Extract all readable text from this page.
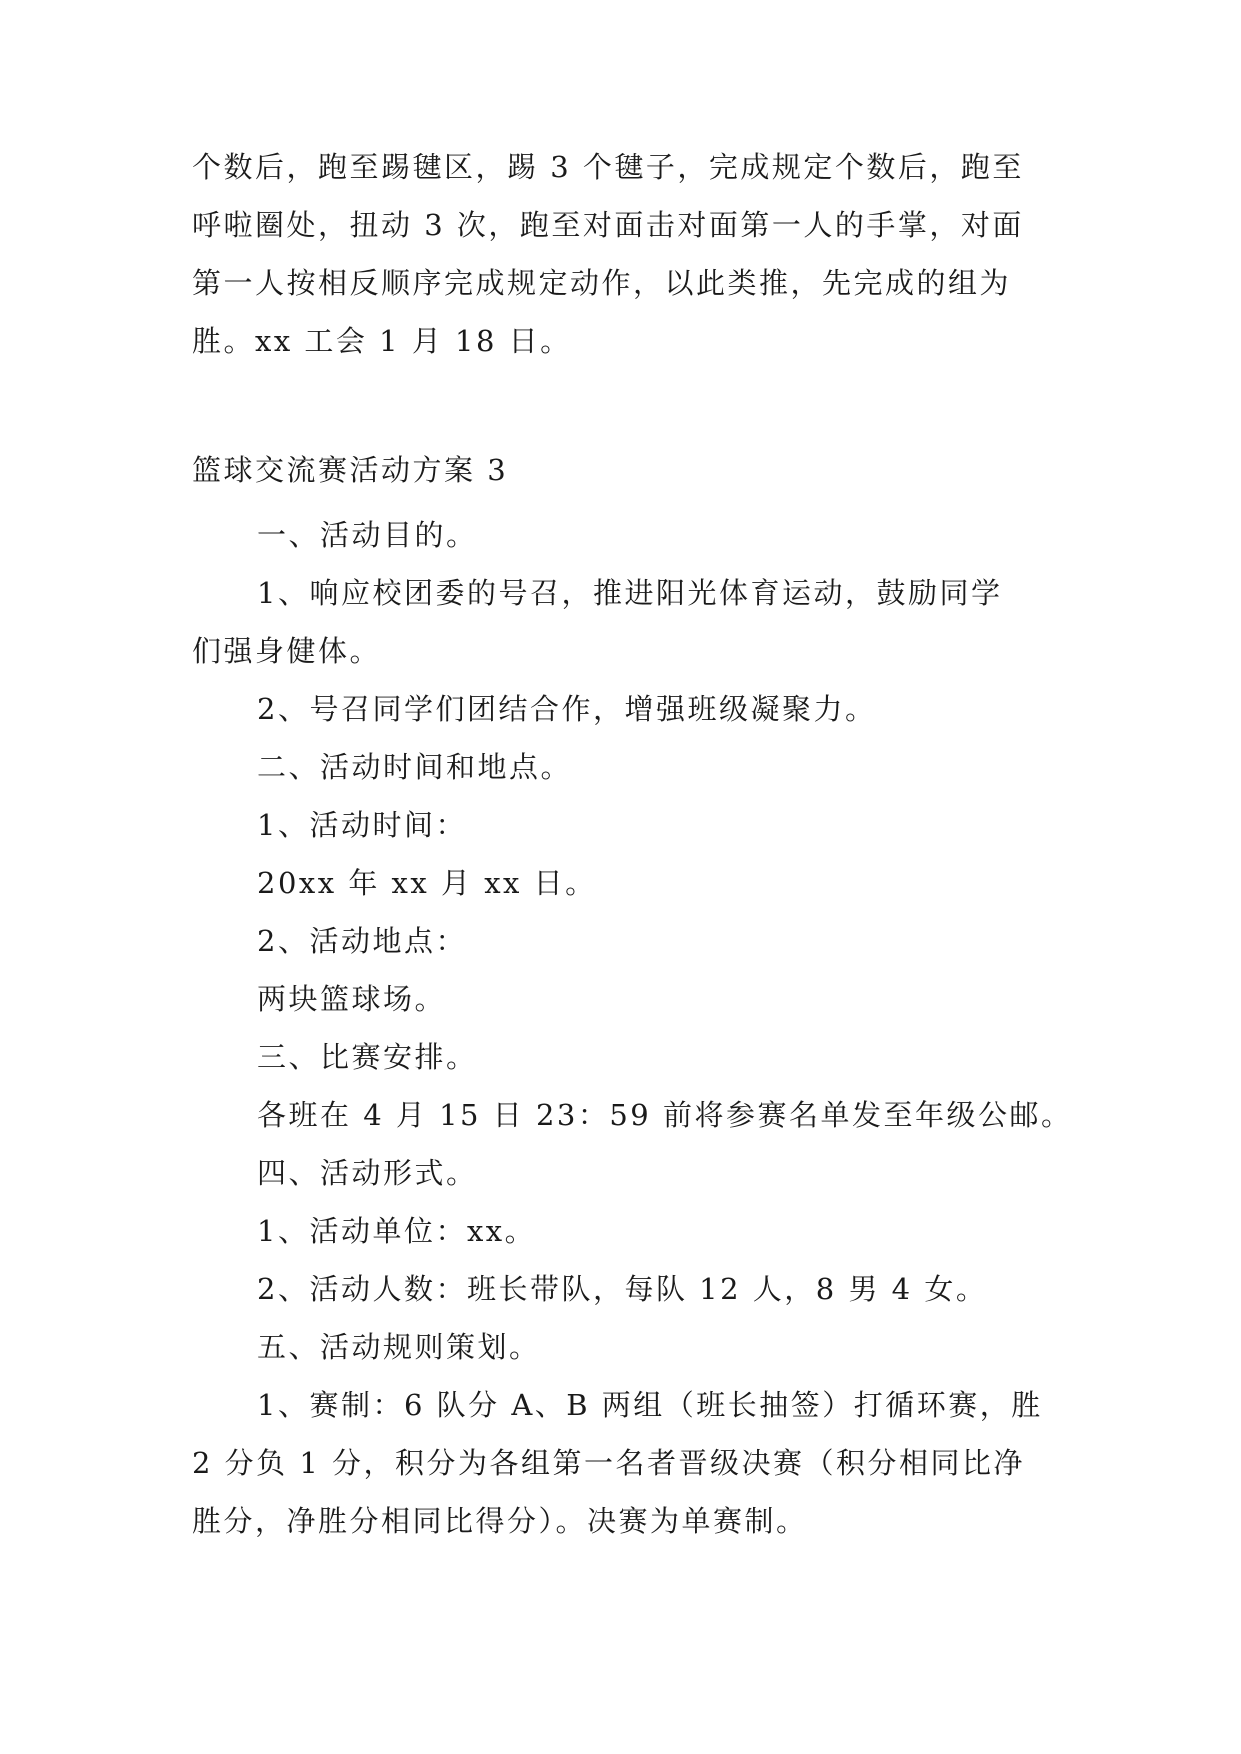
个数后，跑至踢毽区，踢 3 个毽子，完成规定个数后，跑至
呼啦圈处，扭动 3 次，跑至对面击对面第一人的手掌，对面
第一人按相反顺序完成规定动作，以此类推，先完成的组为
胜。xx 工会 1 月 18 日。
篮球交流赛活动方案 3
一、活动目的。
1、响应校团委的号召，推进阳光体育运动，鼓励同学
们强身健体。
2、号召同学们团结合作，增强班级凝聚力。
二、活动时间和地点。
1、活动时间：
20xx 年 xx 月 xx 日。
2、活动地点：
两块篮球场。
三、比赛安排。
各班在 4 月 15 日 23：59 前将参赛名单发至年级公邮。
四、活动形式。
1、活动单位：xx。
2、活动人数：班长带队，每队 12 人，8 男 4 女。
五、活动规则策划。
1、赛制：6 队分 A、B 两组（班长抽签）打循环赛，胜
2 分负 1 分，积分为各组第一名者晋级决赛（积分相同比净
胜分，净胜分相同比得分）。决赛为单赛制。
